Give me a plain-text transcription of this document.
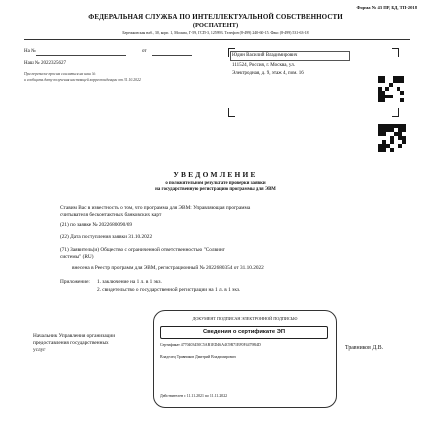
Форма № 43 ПР, БД, ТП-2018
ФЕДЕРАЛЬНАЯ СЛУЖБА ПО ИНТЕЛЛЕКТУАЛЬНОЙ СОБСТВЕННОСТИ
(РОСПАТЕНТ)
Бережковская наб., 30, корп. 1, Москва, Г-59, ГСП-3, 125993. Телефон (8-499) 240-60-15. Факс (8-499) 531-63-18
На №	от
Наш № 2022325627
При переписке просим ссылаться на наш №
и сообщить дату получения настоящей корреспонденции от 31.10.2022
Юдин Василий Владимирович
111524, Россия, г. Москва, ул.
Электродная, д. 9, этаж 4, пом. 16
УВЕДОМЛЕНИЕ
о положительном результате проверки заявки
на государственную регистрацию программы для ЭВМ
Ставим Вас в известность о том, что программа для ЭВМ: Управляющая программа
считывателя бесконтактных банковских карт
(21) по заявке № 2022680090/69
(22) Дата поступления заявки 31.10.2022
(71) Заявитель(и) Общество с ограниченной ответственностью "Солвинг
системы" (RU)
внесена в Реестр программ для ЭВМ, регистрационный № 2022680354 от 31.10.2022
Приложение: 1. заключение на 1 л. в 1 экз.
2. свидетельство о государственной регистрации на 1 л. в 1 экз.
Начальник Управления организации
предоставления государственных
услуг	Травников Д.В.
ДОКУМЕНТ ПОДПИСАН ЭЛЕКТРОННОЙ ПОДПИСЬЮ
Сведения о сертификате ЭП
Сертификат 4770403450C5AB1ED46A4C9B71EF0F4479B4D
Владелец Травников Дмитрий Владимирович
Действителен с 11.11.2021 по 11.11.2022
